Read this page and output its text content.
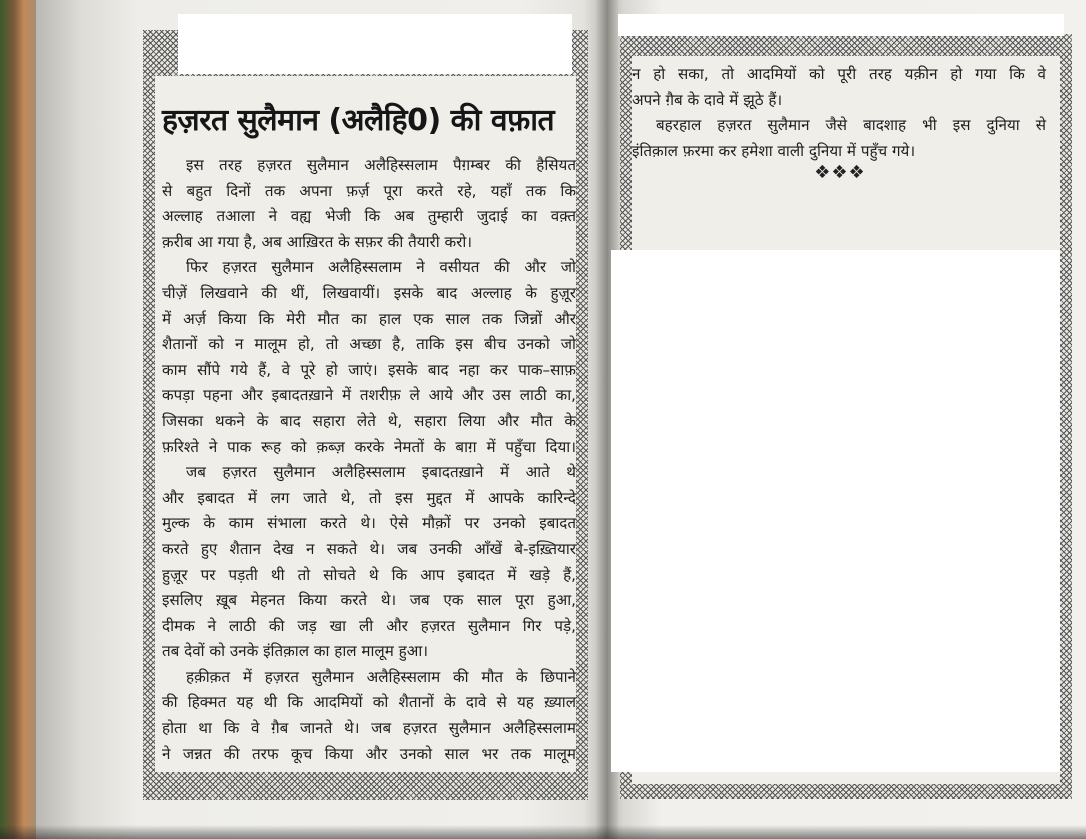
हज़रत सुलैमान (अलैहि0) की वफ़ात
इस तरह हज़रत सुलैमान अलैहिस्सलाम पैग़म्बर की हैसियत
से बहुत दिनों तक अपना फ़र्ज़ पूरा करते रहे, यहाँ तक कि
अल्लाह तआला ने वह्य भेजी कि अब तुम्हारी जुदाई का वक़्त
क़रीब आ गया है, अब आख़िरत के सफ़र की तैयारी करो।
फिर हज़रत सुलैमान अलैहिस्सलाम ने वसीयत की और जो
चीज़ें लिखवाने की थीं, लिखवायीं। इसके बाद अल्लाह के हुज़ूर
में अर्ज़ किया कि मेरी मौत का हाल एक साल तक जिन्नों और
शैतानों को न मालूम हो, तो अच्छा है, ताकि इस बीच उनको जो
काम सौंपे गये हैं, वे पूरे हो जाएं। इसके बाद नहा कर पाक–साफ़
कपड़ा पहना और इबादतख़ाने में तशरीफ़ ले आये और उस लाठी का,
जिसका थकने के बाद सहारा लेते थे, सहारा लिया और मौत के
फ़रिश्ते ने पाक रूह को क़ब्ज़ करके नेमतों के बाग़ में पहुँचा दिया।
जब हज़रत सुलैमान अलैहिस्सलाम इबादतख़ाने में आते थे
और इबादत में लग जाते थे, तो इस मुद्दत में आपके कारिन्दे
मुल्क के काम संभाला करते थे। ऐसे मौक़ों पर उनको इबादत
करते हुए शैतान देख न सकते थे। जब उनकी आँखें बे-इख़्तियार
हुज़ूर पर पड़ती थी तो सोचते थे कि आप इबादत में खड़े हैं,
इसलिए ख़ूब मेहनत किया करते थे। जब एक साल पूरा हुआ,
दीमक ने लाठी की जड़ खा ली और हज़रत सुलैमान गिर पड़े,
तब देवों को उनके इंतिक़ाल का हाल मालूम हुआ।
हक़ीक़त में हज़रत सुलैमान अलैहिस्सलाम की मौत के छिपाने
की हिक्मत यह थी कि आदमियों को शैतानों के दावे से यह ख़्याल
होता था कि वे ग़ैब जानते थे। जब हज़रत सुलैमान अलैहिस्सलाम
ने जन्नत की तरफ कूच किया और उनको साल भर तक मालूम
न हो सका, तो आदमियों को पूरी तरह यक़ीन हो गया कि वे
अपने ग़ैब के दावे में झूठे हैं।
बहरहाल हज़रत सुलैमान जैसे बादशाह भी इस दुनिया से
इंतिक़ाल फ़रमा कर हमेशा वाली दुनिया में पहुँच गये।
❖❖❖
